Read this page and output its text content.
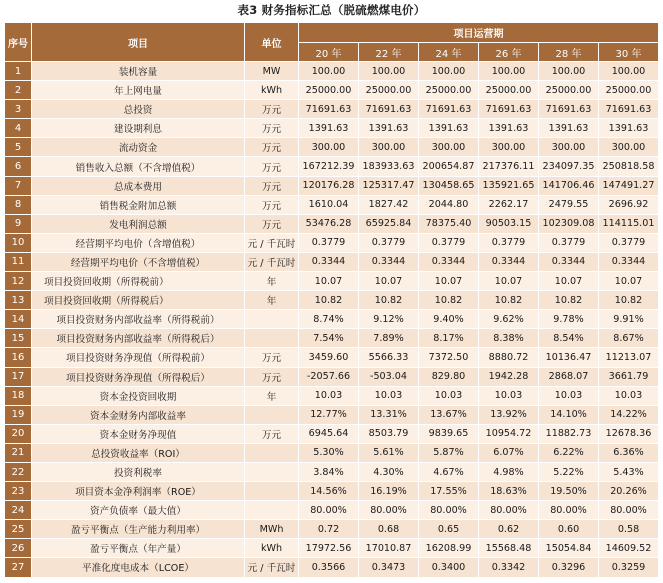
表3 财务指标汇总（脱硫燃煤电价）
序号	项目	单位	项目运营期					
			20 年	22 年	24 年	26 年	28 年	30 年
1	装机容量	MW	100.00	100.00	100.00	100.00	100.00	100.00
2	年上网电量	kWh	25000.00	25000.00	25000.00	25000.00	25000.00	25000.00
3	总投资	万元	71691.63	71691.63	71691.63	71691.63	71691.63	71691.63
4	建设期利息	万元	1391.63	1391.63	1391.63	1391.63	1391.63	1391.63
5	流动资金	万元	300.00	300.00	300.00	300.00	300.00	300.00
6	销售收入总额（不含增值税）	万元	167212.39	183933.63	200654.87	217376.11	234097.35	250818.58
7	总成本费用	万元	120176.28	125317.47	130458.65	135921.65	141706.46	147491.27
8	销售税金附加总额	万元	1610.04	1827.42	2044.80	2262.17	2479.55	2696.92
9	发电利润总额	万元	53476.28	65925.84	78375.40	90503.15	102309.08	114115.01
10	经营期平均电价（含增值税）	元 / 千瓦时	0.3779	0.3779	0.3779	0.3779	0.3779	0.3779
11	经营期平均电价（不含增值税）	元 / 千瓦时	0.3344	0.3344	0.3344	0.3344	0.3344	0.3344
12	项目投资回收期（所得税前）	年	10.07	10.07	10.07	10.07	10.07	10.07
13	项目投资回收期（所得税后）	年	10.82	10.82	10.82	10.82	10.82	10.82
14	项目投资财务内部收益率（所得税前）		8.74%	9.12%	9.40%	9.62%	9.78%	9.91%
15	项目投资财务内部收益率（所得税后）		7.54%	7.89%	8.17%	8.38%	8.54%	8.67%
16	项目投资财务净现值（所得税前）	万元	3459.60	5566.33	7372.50	8880.72	10136.47	11213.07
17	项目投资财务净现值（所得税后）	万元	-2057.66	-503.04	829.80	1942.28	2868.07	3661.79
18	资本金投资回收期	年	10.03	10.03	10.03	10.03	10.03	10.03
19	资本金财务内部收益率		12.77%	13.31%	13.67%	13.92%	14.10%	14.22%
20	资本金财务净现值	万元	6945.64	8503.79	9839.65	10954.72	11882.73	12678.36
21	总投资收益率（ROI）		5.30%	5.61%	5.87%	6.07%	6.22%	6.36%
22	投资利税率		3.84%	4.30%	4.67%	4.98%	5.22%	5.43%
23	项目资本金净利润率（ROE）		14.56%	16.19%	17.55%	18.63%	19.50%	20.26%
24	资产负债率（最大值）		80.00%	80.00%	80.00%	80.00%	80.00%	80.00%
25	盈亏平衡点（生产能力利用率）	MWh	0.72	0.68	0.65	0.62	0.60	0.58
26	盈亏平衡点（年产量）	kWh	17972.56	17010.87	16208.99	15568.48	15054.84	14609.52
27	平准化度电成本（LCOE）	元 / 千瓦时	0.3566	0.3473	0.3400	0.3342	0.3296	0.3259
